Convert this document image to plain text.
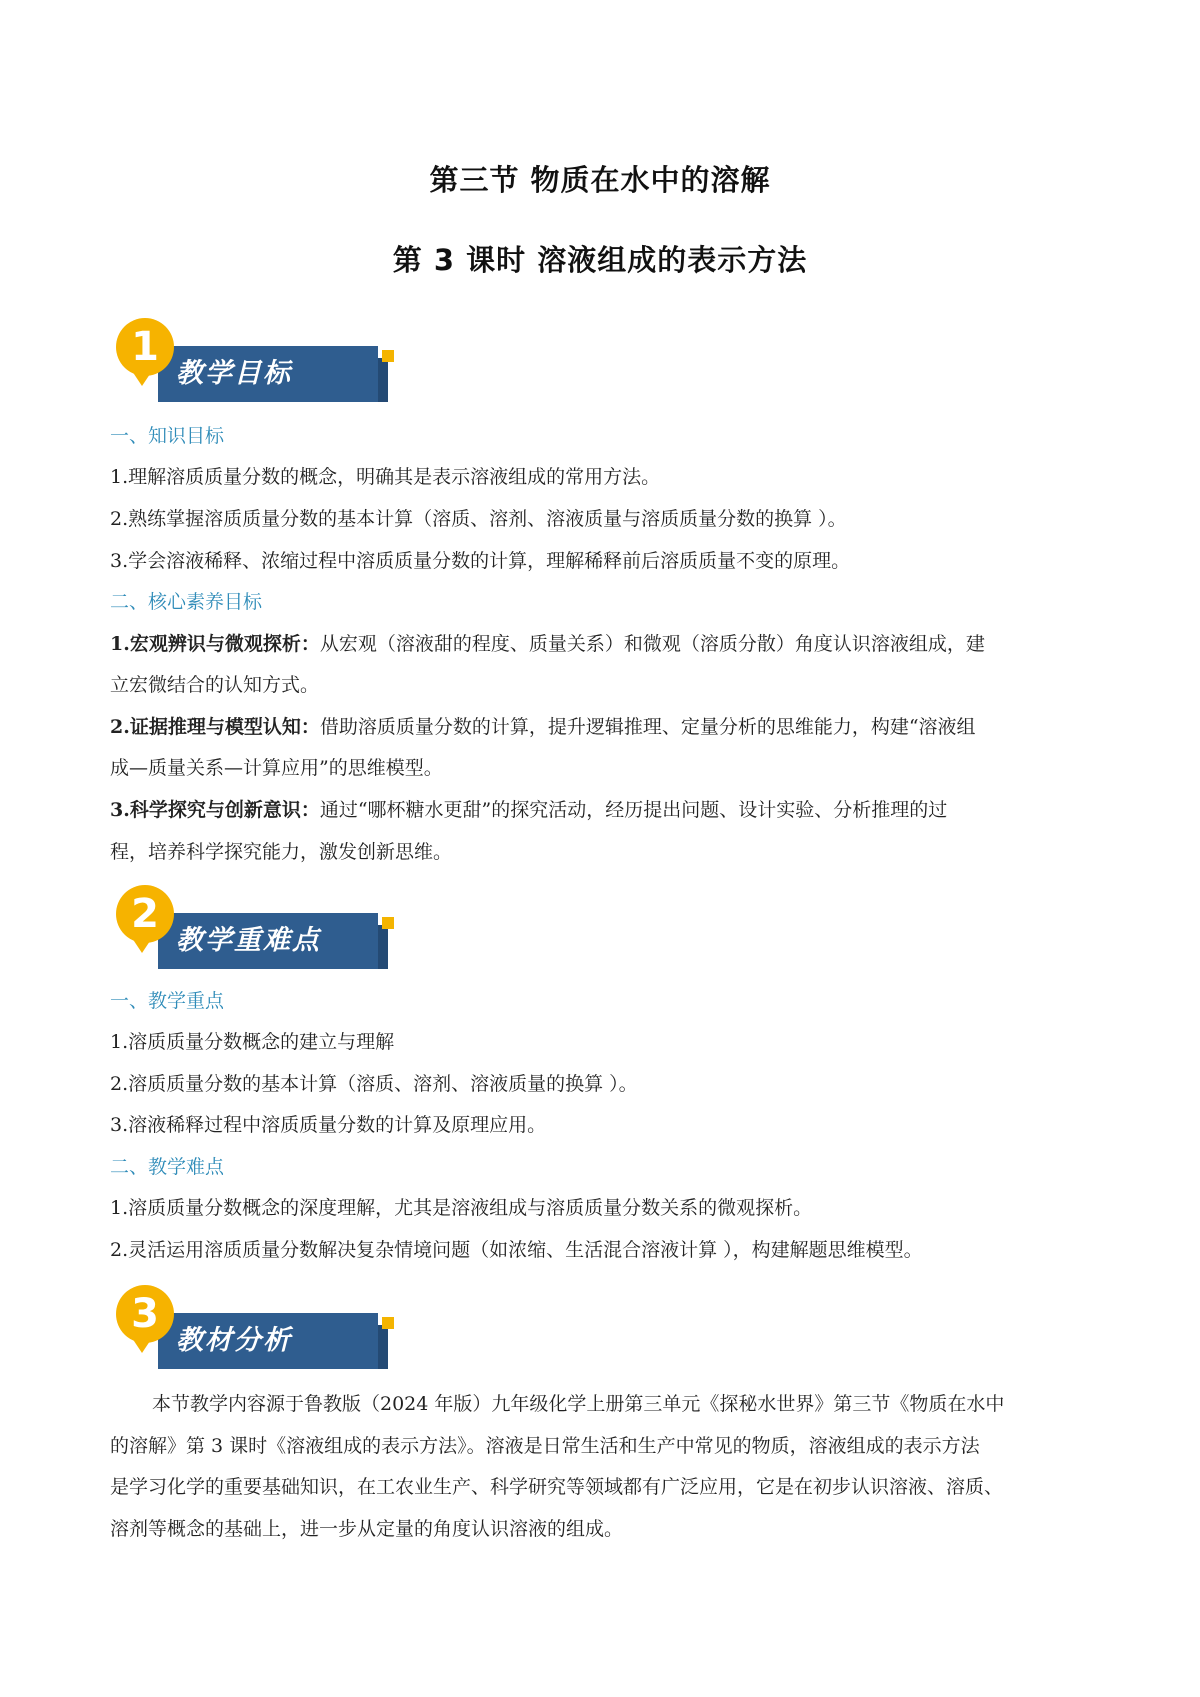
第三节 物质在水中的溶解
第 3 课时 溶液组成的表示方法
1
教学目标
一、知识目标
1.理解溶质质量分数的概念，明确其是表示溶液组成的常用方法。
2.熟练掌握溶质质量分数的基本计算（溶质、溶剂、溶液质量与溶质质量分数的换算 ）。
3.学会溶液稀释、浓缩过程中溶质质量分数的计算，理解稀释前后溶质质量不变的原理。
二、核心素养目标
1.宏观辨识与微观探析：从宏观（溶液甜的程度、质量关系）和微观（溶质分散）角度认识溶液组成，建
立宏微结合的认知方式。
2.证据推理与模型认知：借助溶质质量分数的计算，提升逻辑推理、定量分析的思维能力，构建“溶液组
成—质量关系—计算应用”的思维模型。
3.科学探究与创新意识：通过“哪杯糖水更甜”的探究活动，经历提出问题、设计实验、分析推理的过
程，培养科学探究能力，激发创新思维。
2
教学重难点
一、教学重点
1.溶质质量分数概念的建立与理解
2.溶质质量分数的基本计算（溶质、溶剂、溶液质量的换算 ）。
3.溶液稀释过程中溶质质量分数的计算及原理应用。
二、教学难点
1.溶质质量分数概念的深度理解，尤其是溶液组成与溶质质量分数关系的微观探析。
2.灵活运用溶质质量分数解决复杂情境问题（如浓缩、生活混合溶液计算 ），构建解题思维模型。
3
教材分析
本节教学内容源于鲁教版（2024 年版）九年级化学上册第三单元《探秘水世界》第三节《物质在水中
的溶解》第 3 课时《溶液组成的表示方法》。溶液是日常生活和生产中常见的物质，溶液组成的表示方法
是学习化学的重要基础知识，在工农业生产、科学研究等领域都有广泛应用，它是在初步认识溶液、溶质、
溶剂等概念的基础上，进一步从定量的角度认识溶液的组成。
